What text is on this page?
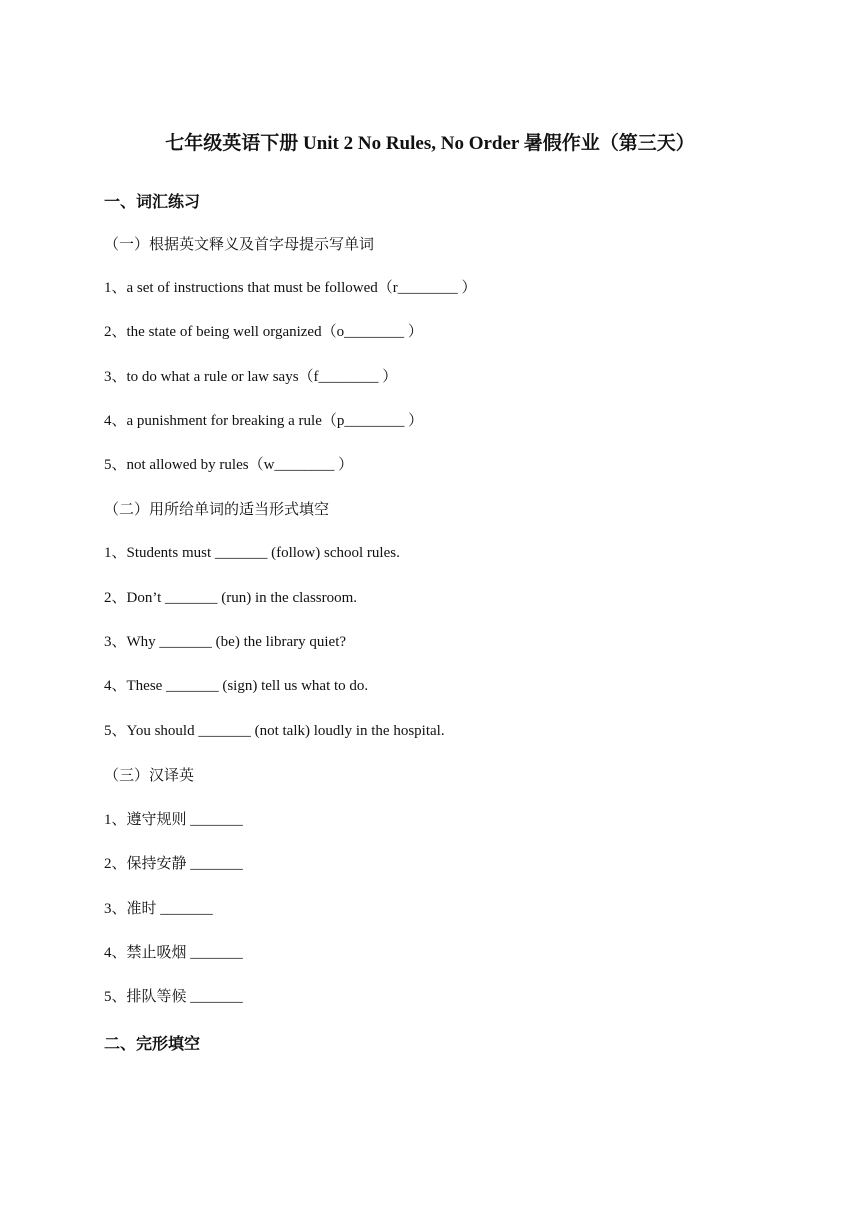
七年级英语下册 Unit 2 No Rules, No Order 暑假作业（第三天）
一、词汇练习
（一）根据英文释义及首字母提示写单词
1、a set of instructions that must be followed（r________ ）
2、the state of being well organized（o________ ）
3、to do what a rule or law says（f________ ）
4、a punishment for breaking a rule（p________ ）
5、not allowed by rules（w________ ）
（二）用所给单词的适当形式填空
1、Students must _______ (follow) school rules.
2、Don’t _______ (run) in the classroom.
3、Why _______ (be) the library quiet?
4、These _______ (sign) tell us what to do.
5、You should _______ (not talk) loudly in the hospital.
（三）汉译英
1、遵守规则 _______
2、保持安静 _______
3、准时 _______
4、禁止吸烟 _______
5、排队等候 _______
二、完形填空
